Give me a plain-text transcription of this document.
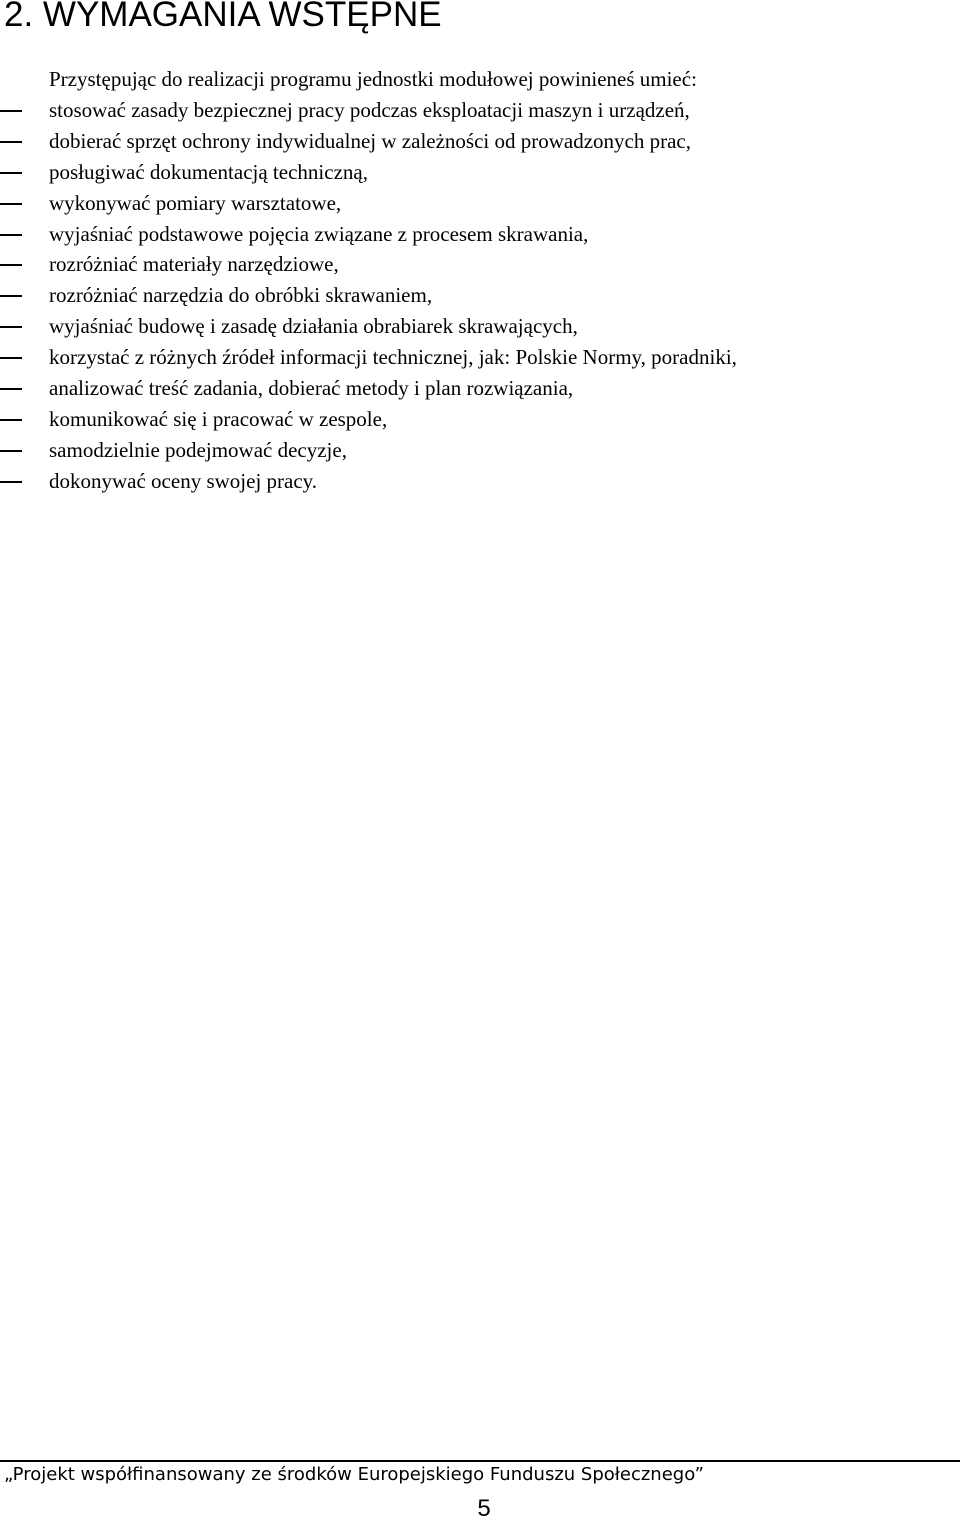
2. WYMAGANIA WSTĘPNE
Przystępując do realizacji programu jednostki modułowej powinieneś umieć:
stosować zasady bezpiecznej pracy podczas eksploatacji maszyn i urządzeń,
dobierać sprzęt ochrony indywidualnej w zależności od prowadzonych prac,
posługiwać dokumentacją techniczną,
wykonywać pomiary warsztatowe,
wyjaśniać podstawowe pojęcia związane z procesem skrawania,
rozróżniać materiały narzędziowe,
rozróżniać narzędzia do obróbki skrawaniem,
wyjaśniać budowę i zasadę działania obrabiarek skrawających,
korzystać z różnych źródeł informacji technicznej, jak: Polskie Normy, poradniki,
analizować treść zadania, dobierać metody i plan rozwiązania,
komunikować się i pracować w zespole,
samodzielnie podejmować decyzje,
dokonywać oceny swojej pracy.
„Projekt współfinansowany ze środków Europejskiego Funduszu Społecznego”
5
